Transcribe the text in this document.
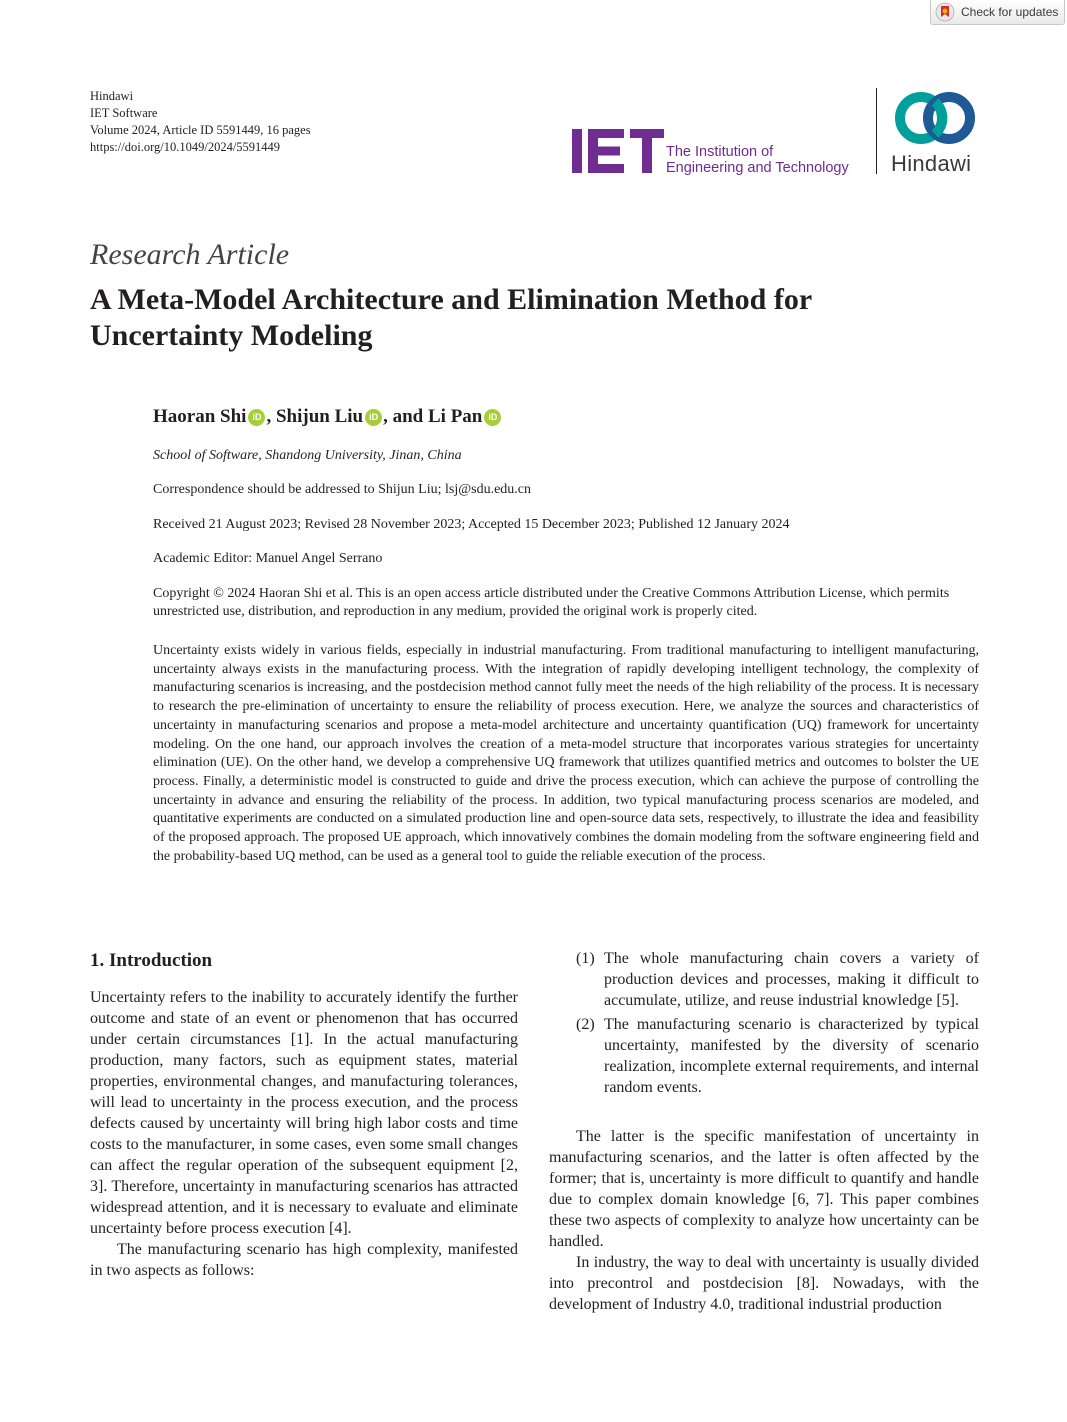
Check for updates
Hindawi
IET Software
Volume 2024, Article ID 5591449, 16 pages
https://doi.org/10.1049/2024/5591449	The Institution of
Engineering and Technology Hindawi
Research Article
A Meta-Model Architecture and Elimination Method for
Uncertainty Modeling
Haoran Shi iD ,
Shijun Liu iD ,
and Li Pan iD
School of Software, Shandong University, Jinan, China
Correspondence should be addressed to Shijun Liu; lsj@sdu.edu.cn
Received 21 August 2023; Revised 28 November 2023; Accepted 15 December 2023; Published 12 January 2024
Academic Editor: Manuel Angel Serrano
Copyright © 2024 Haoran Shi et al. This is an open access article distributed under the Creative Commons Attribution License, which permits unrestricted use, distribution, and reproduction in any medium, provided the original work is properly cited.
Uncertainty exists widely in various fields, especially in industrial manufacturing. From traditional manufacturing to intelligent manufacturing, uncertainty always exists in the manufacturing process. With the integration of rapidly developing intelligent technology, the complexity of manufacturing scenarios is increasing, and the postdecision method cannot fully meet the needs of the high reliability of the process. It is necessary to research the pre-elimination of uncertainty to ensure the reliability of process execution. Here, we analyze the sources and characteristics of uncertainty in manufacturing scenarios and propose a meta-model architecture and uncertainty quantification (UQ) framework for uncertainty modeling. On the one hand, our approach involves the creation of a meta-model structure that incorporates various strategies for uncertainty elimination (UE). On the other hand, we develop a comprehensive UQ framework that utilizes quantified metrics and outcomes to bolster the UE process. Finally, a deterministic model is constructed to guide and drive the process execution, which can achieve the purpose of controlling the uncertainty in advance and ensuring the reliability of the process. In addition, two typical manufacturing process scenarios are modeled, and quantitative experiments are conducted on a simulated production line and open-source data sets, respectively, to illustrate the idea and feasibility of the proposed approach. The proposed UE approach, which innovatively combines the domain modeling from the software engineering field and the probability-based UQ method, can be used as a general tool to guide the reliable execution of the process.
1. Introduction

Uncertainty refers to the inability to accurately identify the further outcome and state of an event or phenomenon that has occurred under certain circumstances [1]. In the actual manufacturing production, many factors, such as equipment states, material properties, environmental changes, and manufacturing tolerances, will lead to uncertainty in the process execution, and the process defects caused by uncertainty will bring high labor costs and time costs to the manufacturer, in some cases, even some small changes can affect the regular operation of the subsequent equipment [2, 3]. Therefore, uncertainty in manufacturing scenarios has attracted widespread attention, and it is necessary to evaluate and eliminate uncertainty before process execution [4].

The manufacturing scenario has high complexity, manifested in two aspects as follows:

(1) The whole manufacturing chain covers a variety of production devices and processes, making it difficult to accumulate, utilize, and reuse industrial knowledge [5].
(2) The manufacturing scenario is characterized by typical uncertainty, manifested by the diversity of scenario realization, incomplete external requirements, and internal random events.

The latter is the specific manifestation of uncertainty in manufacturing scenarios, and the latter is often affected by the former; that is, uncertainty is more difficult to quantify and handle due to complex domain knowledge [6, 7]. This paper combines these two aspects of complexity to analyze how uncertainty can be handled.

In industry, the way to deal with uncertainty is usually divided into precontrol and postdecision [8]. Nowadays, with the development of Industry 4.0, traditional industrial production
